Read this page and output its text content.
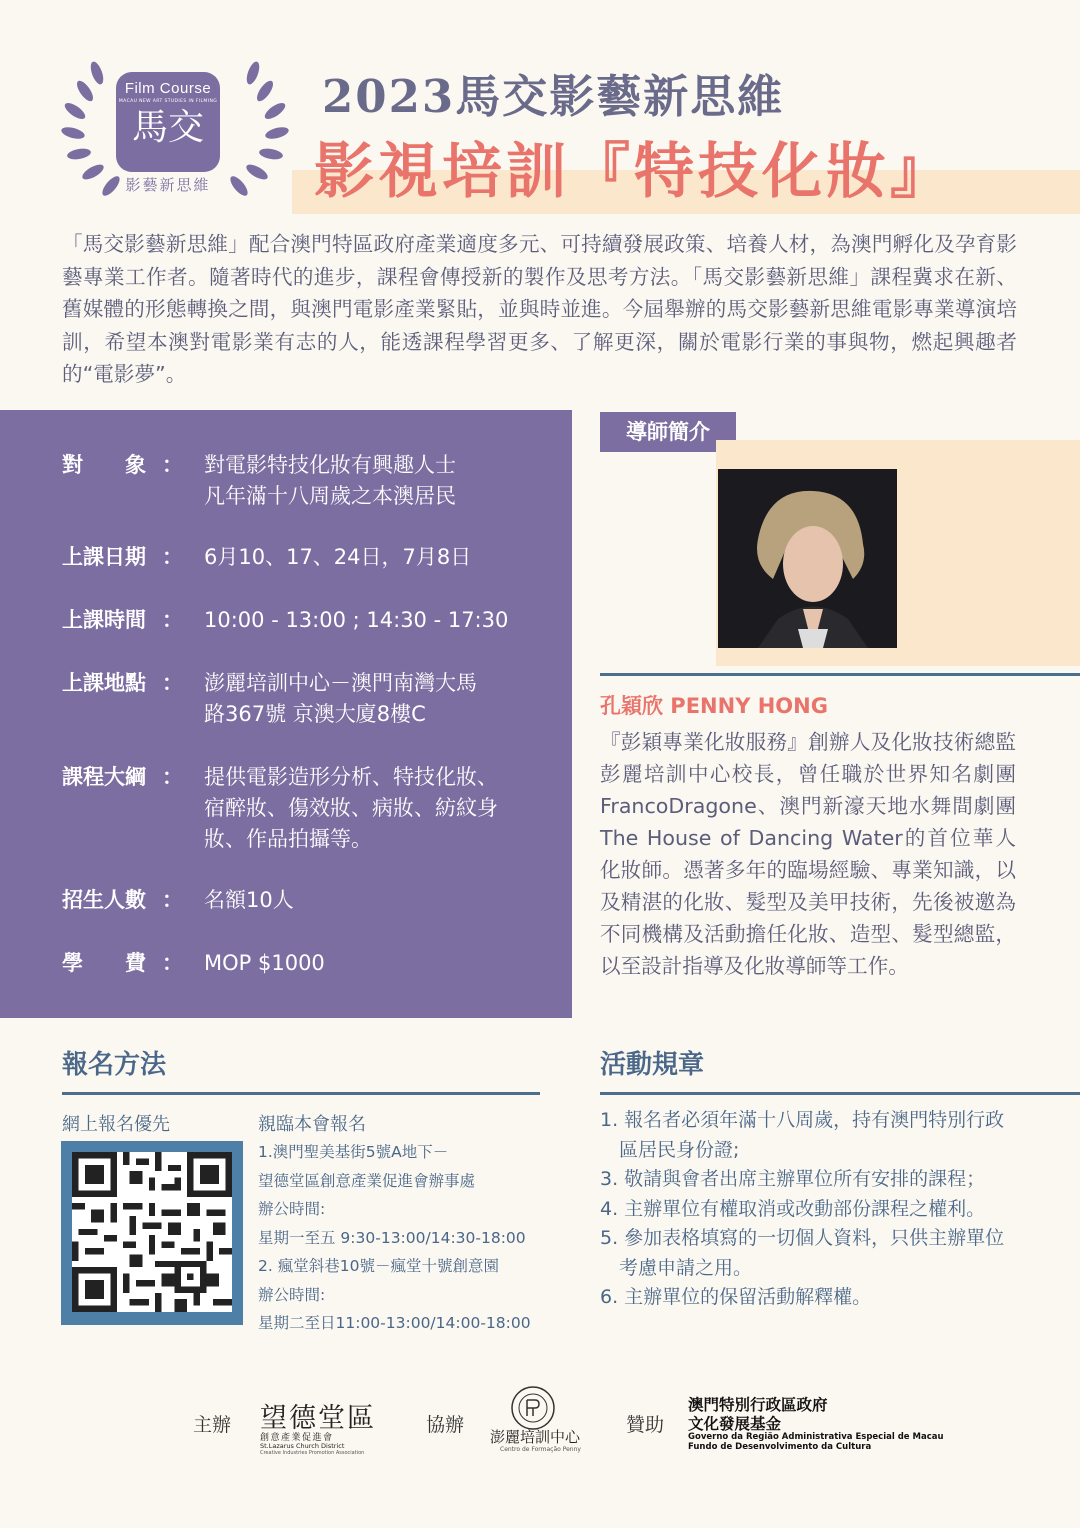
Film Course
MACAU NEW ART STUDIES IN FILMING
馬交
影藝新思維
2023馬交影藝新思維
影視培訓『特技化妝』
「馬交影藝新思維」配合澳門特區政府產業適度多元、可持續發展政策、培養人材，為澳門孵化及孕育影藝專業工作者。隨著時代的進步，課程會傳授新的製作及思考方法。「馬交影藝新思維」課程冀求在新、舊媒體的形態轉換之間，與澳門電影產業緊貼，並與時並進。今屆舉辦的馬交影藝新思維電影專業導演培訓，希望本澳對電影業有志的人，能透課程學習更多、了解更深，關於電影行業的事與物，燃起興趣者的“電影夢”。
對　　象 ： 對電影特技化妝有興趣人士
凡年滿十八周歲之本澳居民
上課日期 ： 6月10、17、24日，7月8日
上課時間 ： 10:00 - 13:00 ; 14:30 - 17:30
上課地點 ： 澎麗培訓中心－澳門南灣大馬
路367號 京澳大廈8樓C
課程大綱 ： 提供電影造形分析、特技化妝、
宿醉妝、傷效妝、病妝、紡紋身
妝、作品拍攝等。
招生人數 ： 名額10人
學　　費 ： MOP $1000
導師簡介
孔穎欣 PENNY HONG
『彭穎專業化妝服務』創辦人及化妝技術總監彭麗培訓中心校長，曾任職於世界知名劇團FrancoDragone、澳門新濠天地水舞間劇團The House of Dancing Water的首位華人化妝師。憑著多年的臨場經驗、專業知識，以及精湛的化妝、髮型及美甲技術，先後被邀為不同機構及活動擔任化妝、造型、髮型總監，以至設計指導及化妝導師等工作。
報名方法
網上報名優先	親臨本會報名
1.澳門聖美基街5號A地下－
望德堂區創意產業促進會辦事處
辦公時間:
星期一至五 9:30-13:00/14:30-18:00
2. 瘋堂斜巷10號－瘋堂十號創意園
辦公時間:
星期二至日11:00-13:00/14:00-18:00
活動規章
1. 報名者必須年滿十八周歲，持有澳門特別行政
　區居民身份證;
3. 敬請與會者出席主辦單位所有安排的課程；
4. 主辦單位有權取消或改動部份課程之權利。
5. 參加表格填寫的一切個人資料，只供主辦單位
　考慮申請之用。
6. 主辦單位的保留活動解釋權。
主辦 望德堂區
創意產業促進會
St.Lazarus Church District
Creative Industries Promotion Association
協辦
澎麗培訓中心
Centro de Formação Penny
贊助
澳門特別行政區政府
文化發展基金
Governo da Região Administrativa Especial de Macau
Fundo de Desenvolvimento da Cultura
